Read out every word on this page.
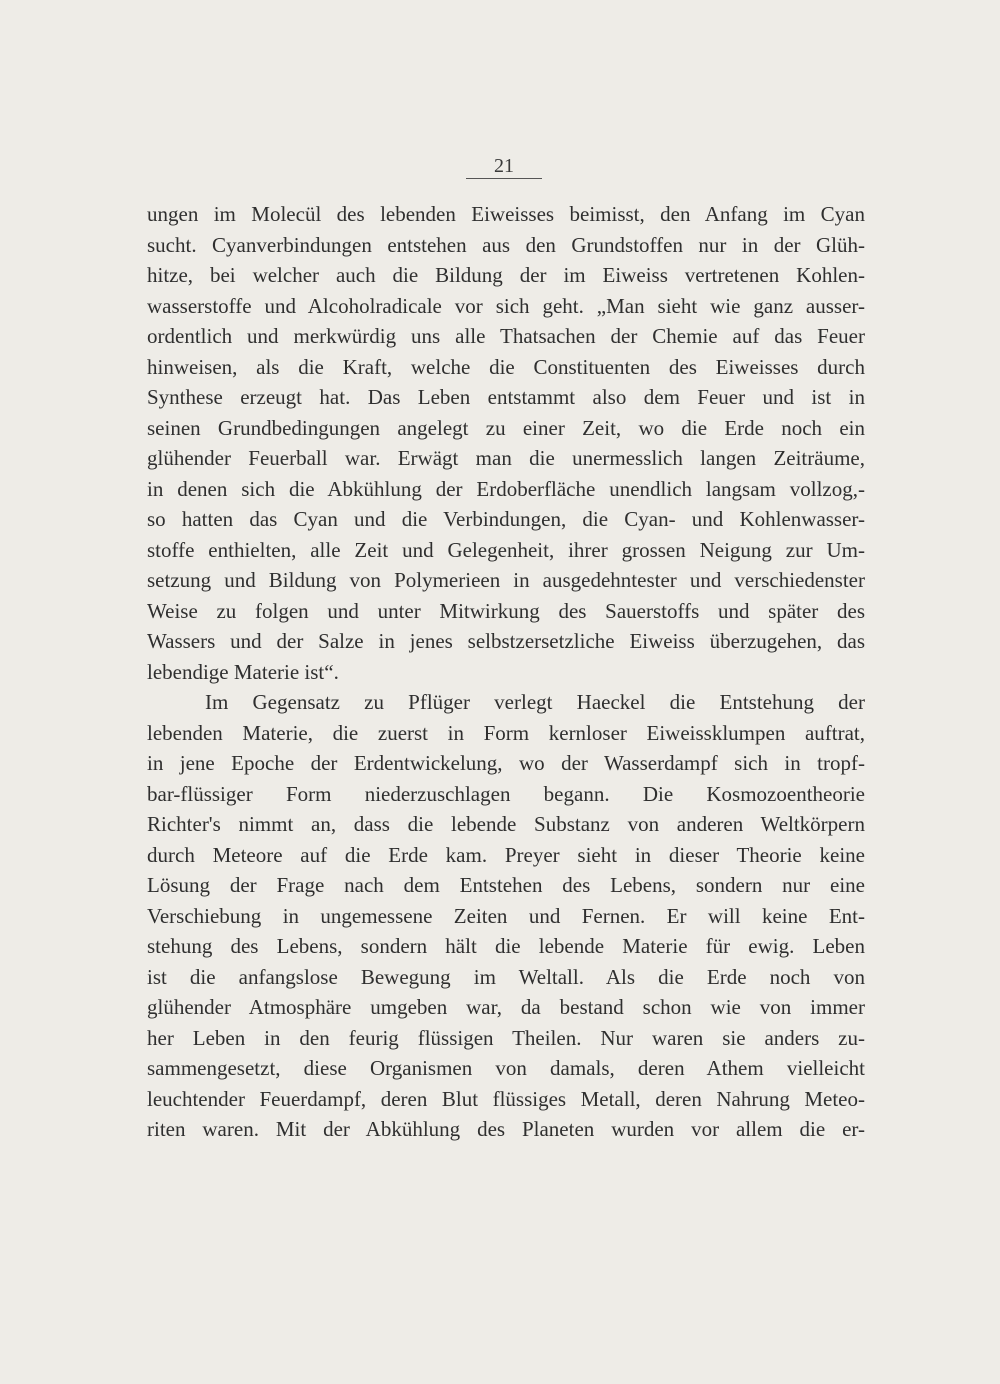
21
ungen im Molecül des lebenden Eiweisses beimisst, den Anfang im Cyan
sucht. Cyanverbindungen entstehen aus den Grundstoffen nur in der Glüh-
hitze, bei welcher auch die Bildung der im Eiweiss vertretenen Kohlen-
wasserstoffe und Alcoholradicale vor sich geht. „Man sieht wie ganz ausser-
ordentlich und merkwürdig uns alle Thatsachen der Chemie auf das Feuer
hinweisen, als die Kraft, welche die Constituenten des Eiweisses durch
Synthese erzeugt hat. Das Leben entstammt also dem Feuer und ist in
seinen Grundbedingungen angelegt zu einer Zeit, wo die Erde noch ein
glühender Feuerball war. Erwägt man die unermesslich langen Zeiträume,
in denen sich die Abkühlung der Erdoberfläche unendlich langsam vollzog,-
so hatten das Cyan und die Verbindungen, die Cyan- und Kohlenwasser-
stoffe enthielten, alle Zeit und Gelegenheit, ihrer grossen Neigung zur Um-
setzung und Bildung von Polymerieen in ausgedehntester und verschiedenster
Weise zu folgen und unter Mitwirkung des Sauerstoffs und später des
Wassers und der Salze in jenes selbstzersetzliche Eiweiss überzugehen, das
lebendige Materie ist“.
Im Gegensatz zu Pflüger verlegt Haeckel die Entstehung der
lebenden Materie, die zuerst in Form kernloser Eiweissklumpen auftrat,
in jene Epoche der Erdentwickelung, wo der Wasserdampf sich in tropf-
bar-flüssiger Form niederzuschlagen begann. Die Kosmozoentheorie
Richter's nimmt an, dass die lebende Substanz von anderen Weltkörpern
durch Meteore auf die Erde kam. Preyer sieht in dieser Theorie keine
Lösung der Frage nach dem Entstehen des Lebens, sondern nur eine
Verschiebung in ungemessene Zeiten und Fernen. Er will keine Ent-
stehung des Lebens, sondern hält die lebende Materie für ewig. Leben
ist die anfangslose Bewegung im Weltall. Als die Erde noch von
glühender Atmosphäre umgeben war, da bestand schon wie von immer
her Leben in den feurig flüssigen Theilen. Nur waren sie anders zu-
sammengesetzt, diese Organismen von damals, deren Athem vielleicht
leuchtender Feuerdampf, deren Blut flüssiges Metall, deren Nahrung Meteo-
riten waren. Mit der Abkühlung des Planeten wurden vor allem die er-
